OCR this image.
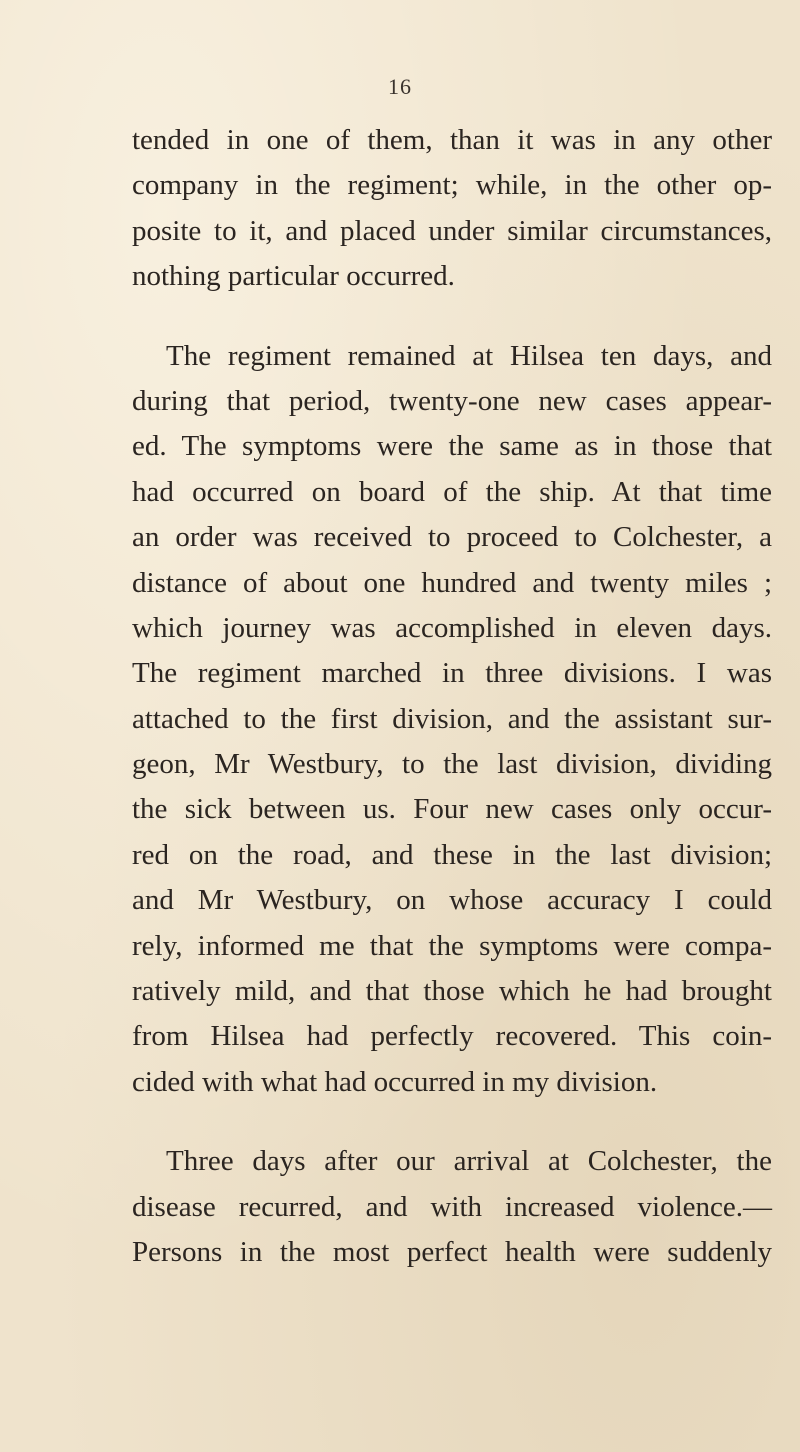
16
tended in one of them, than it was in any other
company in the regiment; while, in the other op-
posite to it, and placed under similar circumstances,
nothing particular occurred.
The regiment remained at Hilsea ten days, and
during that period, twenty-one new cases appear-
ed. The symptoms were the same as in those that
had occurred on board of the ship. At that time
an order was received to proceed to Colchester, a
distance of about one hundred and twenty miles ;
which journey was accomplished in eleven days.
The regiment marched in three divisions. I was
attached to the first division, and the assistant sur-
geon, Mr Westbury, to the last division, dividing
the sick between us. Four new cases only occur-
red on the road, and these in the last division;
and Mr Westbury, on whose accuracy I could
rely, informed me that the symptoms were compa-
ratively mild, and that those which he had brought
from Hilsea had perfectly recovered. This coin-
cided with what had occurred in my division.
Three days after our arrival at Colchester, the
disease recurred, and with increased violence.—
Persons in the most perfect health were suddenly
